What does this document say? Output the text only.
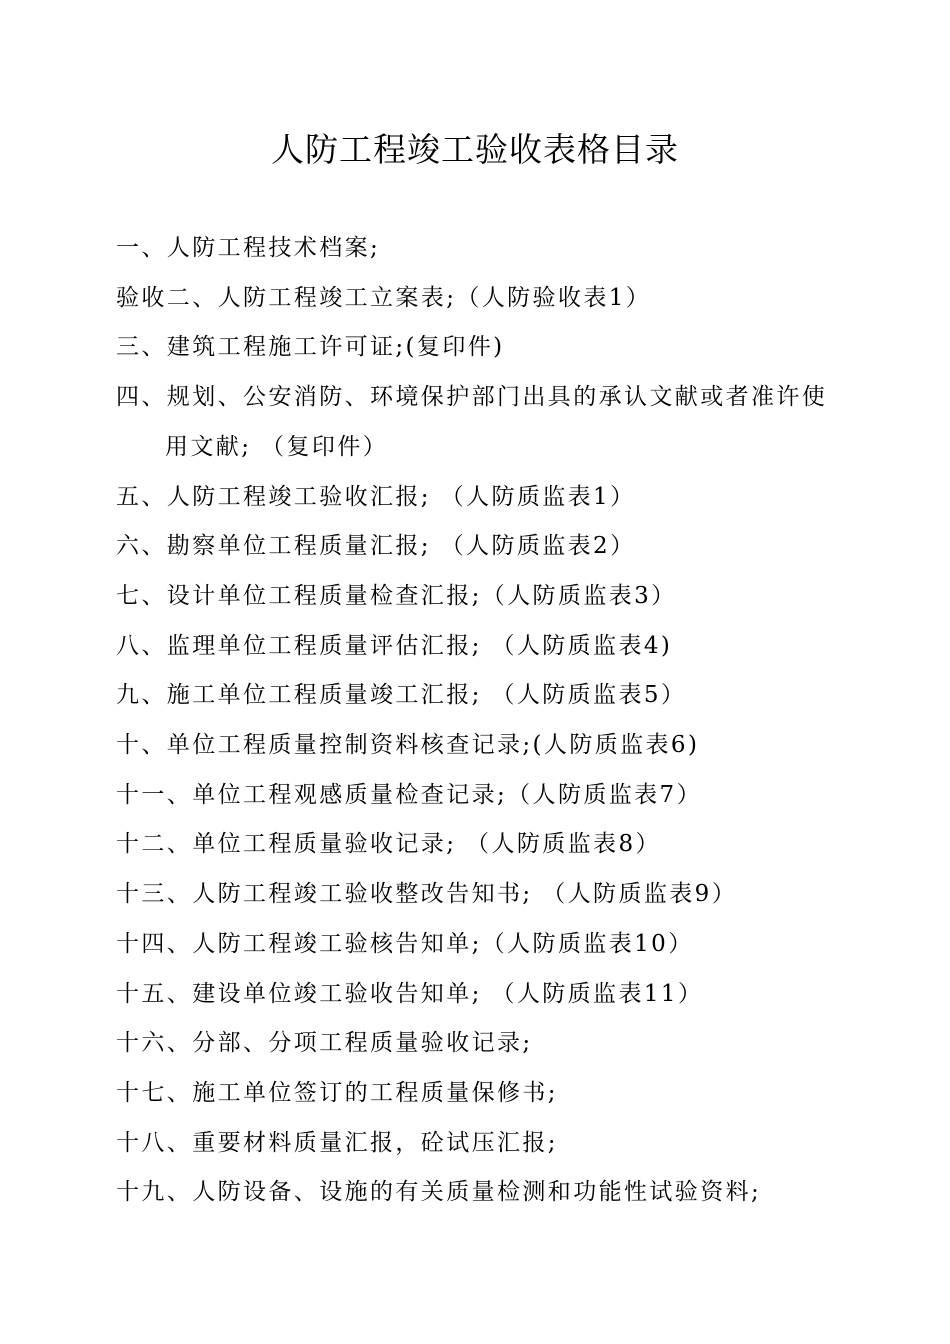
人防工程竣工验收表格目录
一、人防工程技术档案;
验收二、人防工程竣工立案表;（人防验收表1）
三、建筑工程施工许可证;(复印件)
四、规划、公安消防、环境保护部门出具的承认文献或者准许使用文献; （复印件）
五、人防工程竣工验收汇报; （人防质监表1）
六、勘察单位工程质量汇报; （人防质监表2）
七、设计单位工程质量检查汇报;（人防质监表3）
八、监理单位工程质量评估汇报; （人防质监表4)
九、施工单位工程质量竣工汇报; （人防质监表5）
十、单位工程质量控制资料核查记录;(人防质监表6)
十一、单位工程观感质量检查记录;（人防质监表7）
十二、单位工程质量验收记录; （人防质监表8）
十三、人防工程竣工验收整改告知书; （人防质监表9）
十四、人防工程竣工验核告知单;（人防质监表10）
十五、建设单位竣工验收告知单; （人防质监表11）
十六、分部、分项工程质量验收记录;
十七、施工单位签订的工程质量保修书;
十八、重要材料质量汇报，砼试压汇报;
十九、人防设备、设施的有关质量检测和功能性试验资料;
